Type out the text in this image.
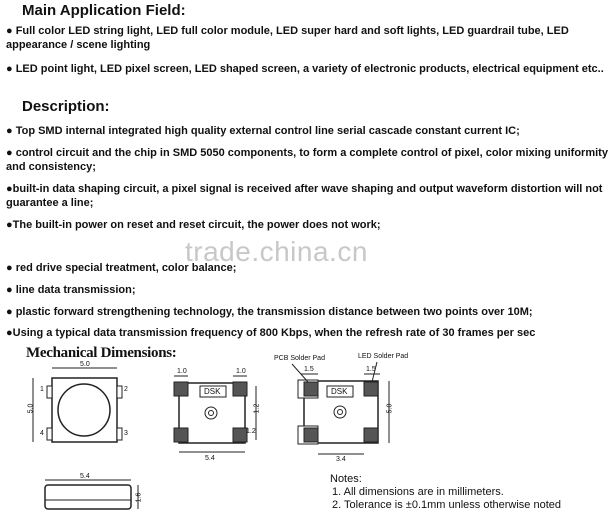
Main Application Field:

● Full color LED string light, LED full color module, LED super hard and soft lights, LED guardrail tube, LED appearance / scene lighting

● LED point light, LED pixel screen, LED shaped screen, a variety of electronic products, electrical equipment etc..

Description:

● Top SMD internal integrated high quality external control line serial cascade constant current IC;

● control circuit and the chip in SMD 5050 components, to form a complete control of pixel, color mixing uniformity and consistency;

●built-in data shaping circuit, a pixel signal is received after wave shaping and output waveform distortion will not guarantee a line;

●The built-in power on reset and reset circuit, the power does not work;

● red drive special treatment, color balance;

● line data transmission;

● plastic forward strengthening technology, the transmission distance between two points over 10M;

●Using a typical data transmission frequency of 800 Kbps, when the refresh rate of 30 frames per sec

trade.china.cn
Mechanical Dimensions:
5.0
5.0
1	2
3
4
1.0	1.0
DSK
5.4
1.2
1.2
PCB Solder Pad	LED Solder Pad
1.5	1.5
DSK
3.4
5.0
5.4
1.6
Notes:
1. All dimensions are in millimeters.
2. Tolerance is ±0.1mm unless otherwise noted
